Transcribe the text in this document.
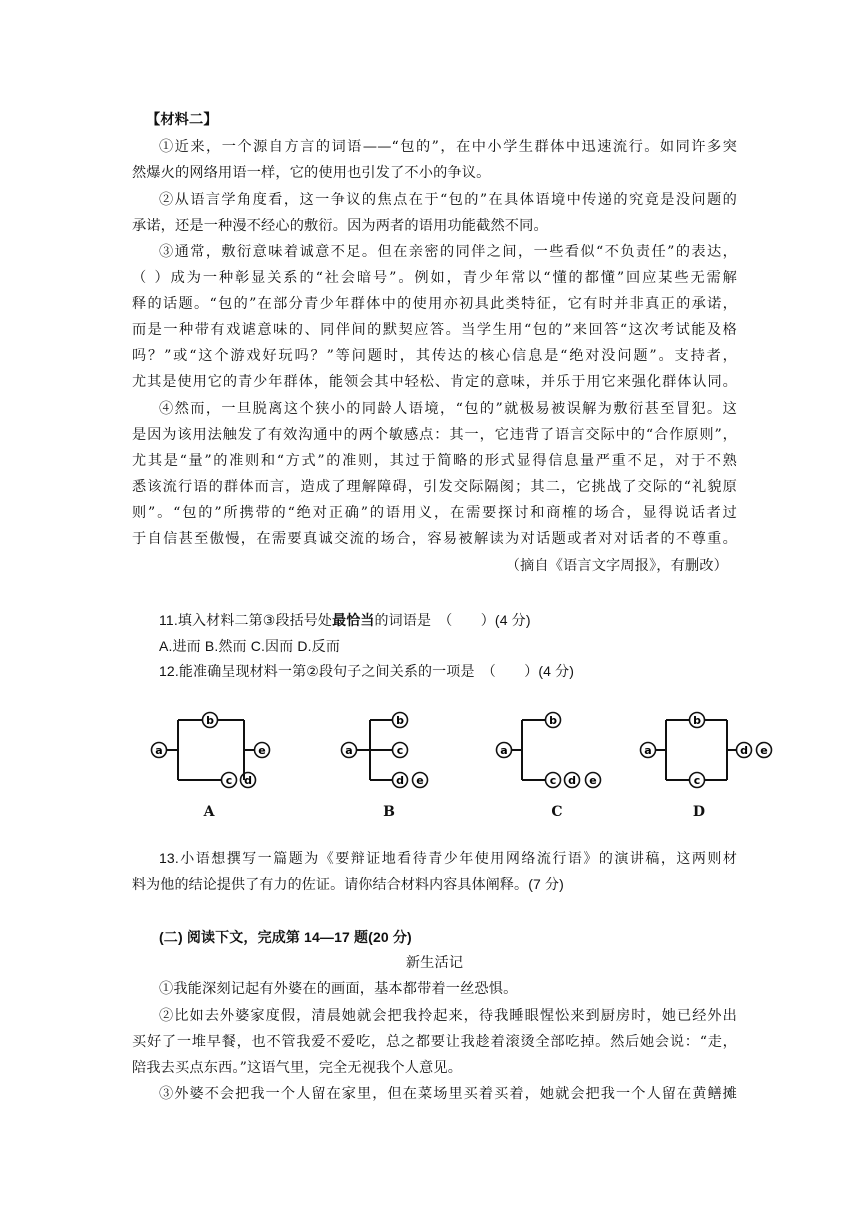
【材料二】
①近来，一个源自方言的词语——“包的”，在中小学生群体中迅速流行。如同许多突
然爆火的网络用语一样，它的使用也引发了不小的争议。
②从语言学角度看，这一争议的焦点在于“包的”在具体语境中传递的究竟是没问题的
承诺，还是一种漫不经心的敷衍。因为两者的语用功能截然不同。
③通常，敷衍意味着诚意不足。但在亲密的同伴之间，一些看似“不负责任”的表达，
（ ）成为一种彰显关系的“社会暗号”。例如，青少年常以“懂的都懂”回应某些无需解
释的话题。“包的”在部分青少年群体中的使用亦初具此类特征，它有时并非真正的承诺，
而是一种带有戏谑意味的、同伴间的默契应答。当学生用“包的”来回答“这次考试能及格
吗？”或“这个游戏好玩吗？”等问题时，其传达的核心信息是“绝对没问题”。支持者，
尤其是使用它的青少年群体，能领会其中轻松、肯定的意味，并乐于用它来强化群体认同。
④然而，一旦脱离这个狭小的同龄人语境，“包的”就极易被误解为敷衍甚至冒犯。这
是因为该用法触发了有效沟通中的两个敏感点：其一，它违背了语言交际中的“合作原则”，
尤其是“量”的准则和“方式”的准则，其过于简略的形式显得信息量严重不足，对于不熟
悉该流行语的群体而言，造成了理解障碍，引发交际隔阂；其二，它挑战了交际的“礼貌原
则”。“包的”所携带的“绝对正确”的语用义，在需要探讨和商榷的场合，显得说话者过
于自信甚至傲慢，在需要真诚交流的场合，容易被解读为对话题或者对对话者的不尊重。
（摘自《语言文字周报》，有删改）
11.填入材料二第③段括号处最恰当的词语是　（　　）(4 分)
A.进而 B.然而 C.因而 D.反而
12.能准确呈现材料一第②段句子之间关系的一项是　（　　）(4 分)
a
b
c d
e	a
b
c
d e
a
b
c d e
a
b
c
d e
A	B	C	D
13.小语想撰写一篇题为《要辩证地看待青少年使用网络流行语》的演讲稿，这两则材
料为他的结论提供了有力的佐证。请你结合材料内容具体阐释。(7 分)
(二) 阅读下文，完成第 14—17 题(20 分)
新生活记
①我能深刻记起有外婆在的画面，基本都带着一丝恐惧。
②比如去外婆家度假，清晨她就会把我拎起来，待我睡眼惺忪来到厨房时，她已经外出
买好了一堆早餐，也不管我爱不爱吃，总之都要让我趁着滚烫全部吃掉。然后她会说：“走，
陪我去买点东西。”这语气里，完全无视我个人意见。
③外婆不会把我一个人留在家里，但在菜场里买着买着，她就会把我一个人留在黄鳝摊
